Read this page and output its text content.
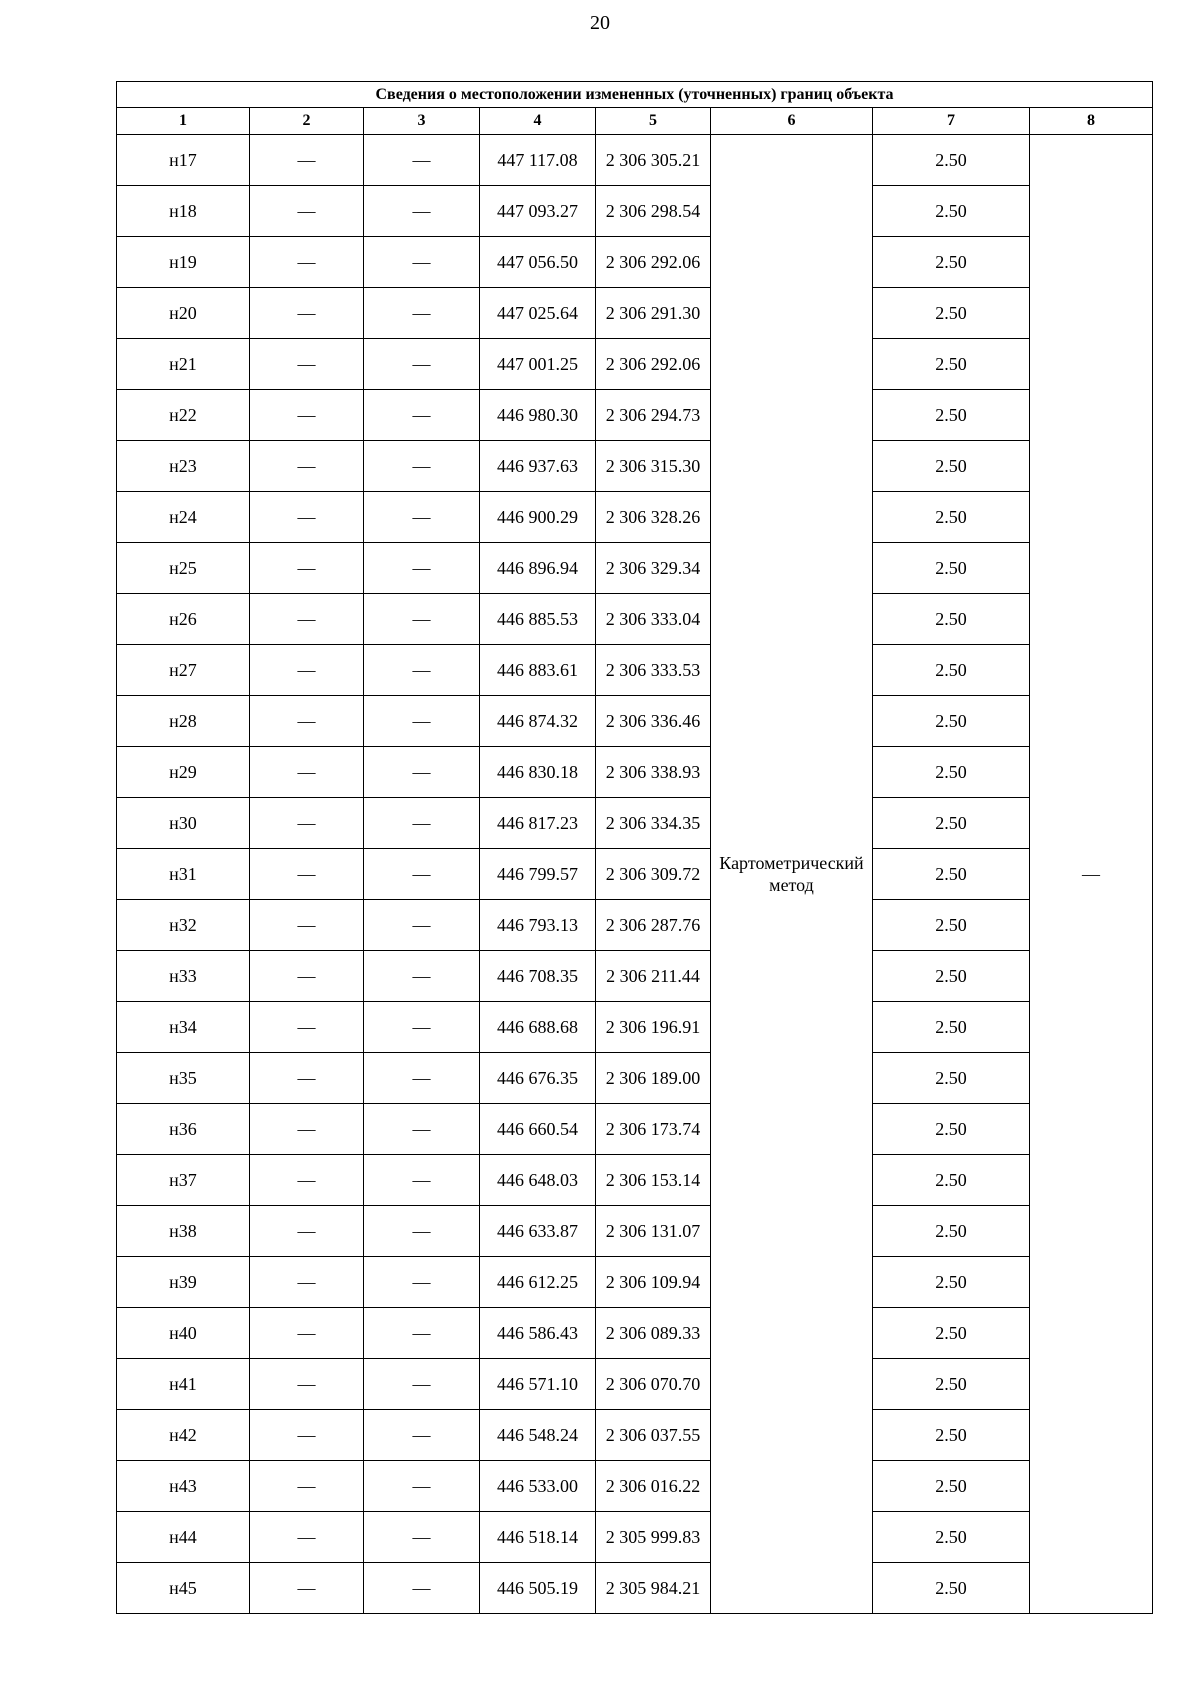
20
Сведения о местоположении измененных (уточненных) границ объекта							
1	2	3	4	5	6	7	8
н17	—	—	447 117.08	2 306 305.21	Картометрический метод	2.50	—
н18	—	—	447 093.27	2 306 298.54		2.50	
н19	—	—	447 056.50	2 306 292.06		2.50	
н20	—	—	447 025.64	2 306 291.30		2.50	
н21	—	—	447 001.25	2 306 292.06		2.50	
н22	—	—	446 980.30	2 306 294.73		2.50	
н23	—	—	446 937.63	2 306 315.30		2.50	
н24	—	—	446 900.29	2 306 328.26		2.50	
н25	—	—	446 896.94	2 306 329.34		2.50	
н26	—	—	446 885.53	2 306 333.04		2.50	
н27	—	—	446 883.61	2 306 333.53		2.50	
н28	—	—	446 874.32	2 306 336.46		2.50	
н29	—	—	446 830.18	2 306 338.93		2.50	
н30	—	—	446 817.23	2 306 334.35		2.50	
н31	—	—	446 799.57	2 306 309.72		2.50	
н32	—	—	446 793.13	2 306 287.76		2.50	
н33	—	—	446 708.35	2 306 211.44		2.50	
н34	—	—	446 688.68	2 306 196.91		2.50	
н35	—	—	446 676.35	2 306 189.00		2.50	
н36	—	—	446 660.54	2 306 173.74		2.50	
н37	—	—	446 648.03	2 306 153.14		2.50	
н38	—	—	446 633.87	2 306 131.07		2.50	
н39	—	—	446 612.25	2 306 109.94		2.50	
н40	—	—	446 586.43	2 306 089.33		2.50	
н41	—	—	446 571.10	2 306 070.70		2.50	
н42	—	—	446 548.24	2 306 037.55		2.50	
н43	—	—	446 533.00	2 306 016.22		2.50	
н44	—	—	446 518.14	2 305 999.83		2.50	
н45	—	—	446 505.19	2 305 984.21		2.50	
